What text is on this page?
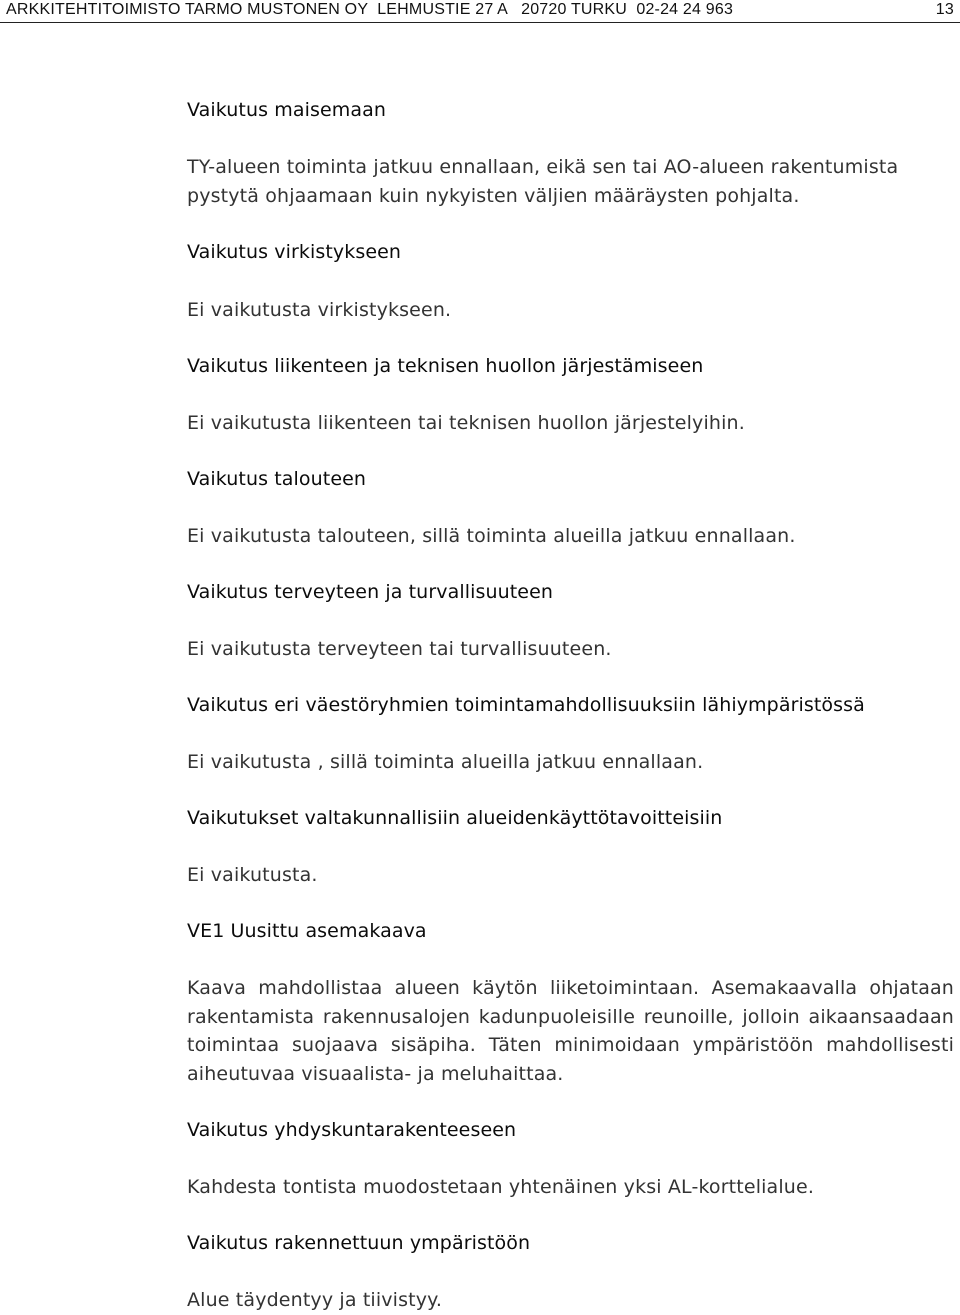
ARKKITEHTITOIMISTO TARMO MUSTONEN OY  LEHMUSTIE 27 A   20720 TURKU  02-24 24 963	13
Vaikutus maisemaan
TY-alueen toiminta jatkuu ennallaan, eikä sen tai AO-alueen rakentumista pystytä ohjaamaan kuin nykyisten väljien määräysten pohjalta.
Vaikutus virkistykseen
Ei vaikutusta virkistykseen.
Vaikutus liikenteen ja teknisen huollon järjestämiseen
Ei vaikutusta liikenteen tai teknisen huollon järjestelyihin.
Vaikutus talouteen
Ei vaikutusta talouteen, sillä toiminta alueilla jatkuu ennallaan.
Vaikutus terveyteen ja turvallisuuteen
Ei vaikutusta terveyteen tai turvallisuuteen.
Vaikutus eri väestöryhmien toimintamahdollisuuksiin lähiympäristössä
Ei vaikutusta , sillä toiminta alueilla jatkuu ennallaan.
Vaikutukset valtakunnallisiin alueidenkäyttötavoitteisiin
Ei vaikutusta.
VE1 Uusittu asemakaava
Kaava mahdollistaa alueen käytön liiketoimintaan. Asemakaavalla ohjataan rakentamista rakennusalojen kadunpuoleisille reunoille, jolloin aikaansaadaan toimintaa suojaava sisäpiha. Täten minimoidaan ympäristöön mahdollisesti aiheutuvaa visuaalista- ja meluhaittaa.
Vaikutus yhdyskuntarakenteeseen
Kahdesta tontista muodostetaan yhtenäinen yksi AL-korttelialue.
Vaikutus rakennettuun ympäristöön
Alue täydentyy ja tiivistyy.
